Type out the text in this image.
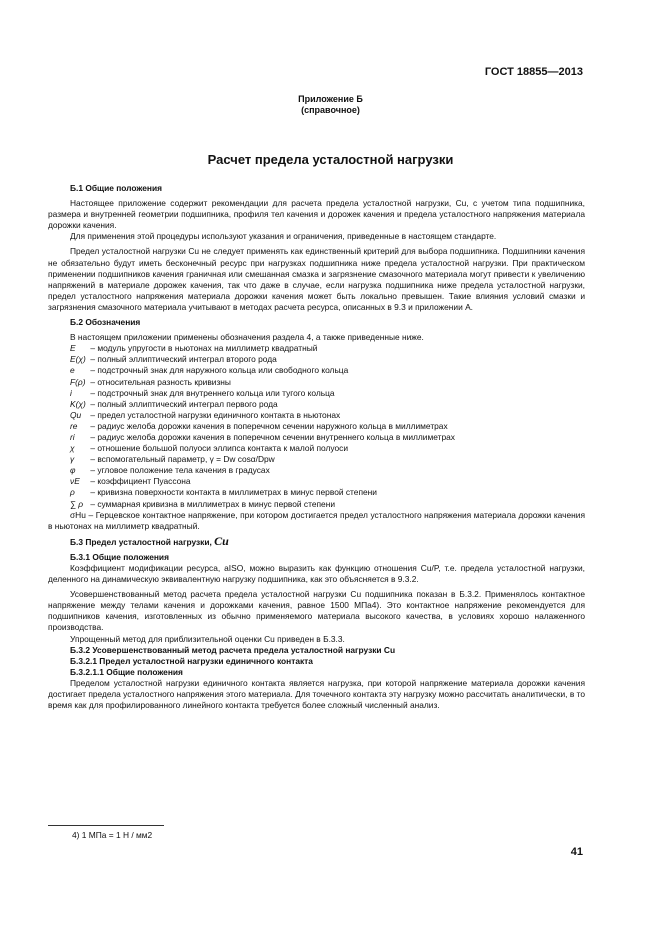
ГОСТ 18855—2013
Приложение Б
(справочное)
Расчет предела усталостной нагрузки
Б.1 Общие положения

Настоящее приложение содержит рекомендации для расчета предела усталостной нагрузки, Cu, с учетом типа подшипника, размера и внутренней геометрии подшипника, профиля тел качения и дорожек качения и предела усталостного напряжения материала дорожки качения.

Для применения этой процедуры используют указания и ограничения, приведенные в настоящем стандарте.

Предел усталостной нагрузки Cu не следует применять как единственный критерий для выбора подшипника. Подшипники качения не обязательно будут иметь бесконечный ресурс при нагрузках подшипника ниже предела усталостной нагрузки. При практическом применении подшипников качения граничная или смешанная смазка и загрязнение смазочного материала могут привести к увеличению напряжений в материале дорожек качения, так что даже в случае, если нагрузка подшипника ниже предела усталостной нагрузки, предел усталостного напряжения материала дорожки качения может быть локально превышен. Такие влияния условий смазки и загрязнения смазочного материала учитывают в методах расчета ресурса, описанных в 9.3 и приложении А.

Б.2 Обозначения

В настоящем приложении применены обозначения раздела 4, а также приведенные ниже.

E – модуль упругости в ньютонах на миллиметр квадратный
E(χ) – полный эллиптический интеграл второго рода
e – подстрочный знак для наружного кольца или свободного кольца
F(ρ) – относительная разность кривизны
i – подстрочный знак для внутреннего кольца или тугого кольца
K(χ) – полный эллиптический интеграл первого рода
Qu – предел усталостной нагрузки единичного контакта в ньютонах
re – радиус желоба дорожки качения в поперечном сечении наружного кольца в миллиметрах
ri – радиус желоба дорожки качения в поперечном сечении внутреннего кольца в миллиметрах
χ – отношение большой полуоси эллипса контакта к малой полуоси
γ – вспомогательный параметр, γ = Dw cosα/Dpw
φ – угловое положение тела качения в градусах
νE – коэффициент Пуассона
ρ – кривизна поверхности контакта в миллиметрах в минус первой степени
∑ ρ – суммарная кривизна в миллиметрах в минус первой степени

σHu – Герцевское контактное напряжение, при котором достигается предел усталостного напряжения материала дорожки качения в ньютонах на миллиметр квадратный.

Б.3 Предел усталостной нагрузки, Cu
Б.3.1 Общие положения

Коэффициент модификации ресурса, aISO, можно выразить как функцию отношения Cu/P, т.е. предела усталостной нагрузки, деленного на динамическую эквивалентную нагрузку подшипника, как это объясняется в 9.3.2.

Усовершенствованный метод расчета предела усталостной нагрузки Cu подшипника показан в Б.3.2. Применялось контактное напряжение между телами качения и дорожками качения, равное 1500 МПа4). Это контактное напряжение рекомендуется для подшипников качения, изготовленных из обычно применяемого материала высокого качества, в условиях хорошо налаженного производства.

Упрощенный метод для приблизительной оценки Cu приведен в Б.3.3.

Б.3.2 Усовершенствованный метод расчета предела усталостной нагрузки Cu
Б.3.2.1 Предел усталостной нагрузки единичного контакта
Б.3.2.1.1 Общие положения

Пределом усталостной нагрузки единичного контакта является нагрузка, при которой напряжение материала дорожки качения достигает предела усталостного напряжения этого материала. Для точечного контакта эту нагрузку можно рассчитать аналитически, в то время как для профилированного линейного контакта требуется более сложный численный анализ.

4) 1 МПа = 1 Н / мм2
41
